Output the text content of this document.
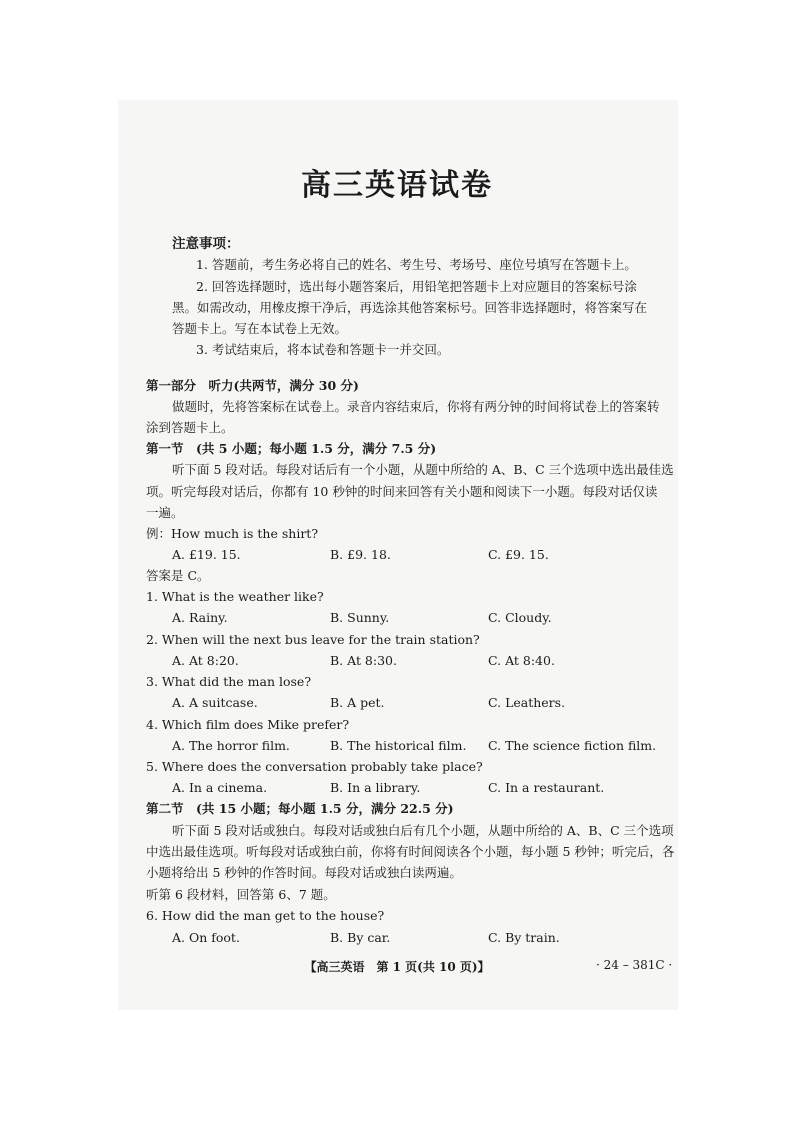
高三英语试卷
注意事项：
1. 答题前，考生务必将自己的姓名、考生号、考场号、座位号填写在答题卡上。
2. 回答选择题时，选出每小题答案后，用铅笔把答题卡上对应题目的答案标号涂
黑。如需改动，用橡皮擦干净后，再选涂其他答案标号。回答非选择题时，将答案写在
答题卡上。写在本试卷上无效。
3. 考试结束后，将本试卷和答题卡一并交回。
第一部分　听力(共两节，满分 30 分)
做题时，先将答案标在试卷上。录音内容结束后，你将有两分钟的时间将试卷上的答案转
涂到答题卡上。
第一节　(共 5 小题；每小题 1.5 分，满分 7.5 分)
听下面 5 段对话。每段对话后有一个小题，从题中所给的 A、B、C 三个选项中选出最佳选
项。听完每段对话后，你都有 10 秒钟的时间来回答有关小题和阅读下一小题。每段对话仅读
一遍。
例：How much is the shirt?
A. £19. 15.	B. £9. 18.	C. £9. 15.
答案是 C。
1. What is the weather like?
A. Rainy.	B. Sunny.	C. Cloudy.
2. When will the next bus leave for the train station?
A. At 8:20.	B. At 8:30.	C. At 8:40.
3. What did the man lose?
A. A suitcase.	B. A pet.	C. Leathers.
4. Which film does Mike prefer?
A. The horror film.	B. The historical film. C. The science fiction film.
5. Where does the conversation probably take place?
A. In a cinema.	B. In a library.	C. In a restaurant.
第二节　(共 15 小题；每小题 1.5 分，满分 22.5 分)
听下面 5 段对话或独白。每段对话或独白后有几个小题，从题中所给的 A、B、C 三个选项
中选出最佳选项。听每段对话或独白前，你将有时间阅读各个小题，每小题 5 秒钟；听完后，各
小题将给出 5 秒钟的作答时间。每段对话或独白读两遍。
听第 6 段材料，回答第 6、7 题。
6. How did the man get to the house?
A. On foot.	B. By car.	C. By train.
【高三英语　第 1 页(共 10 页)】	· 24 – 381C ·
